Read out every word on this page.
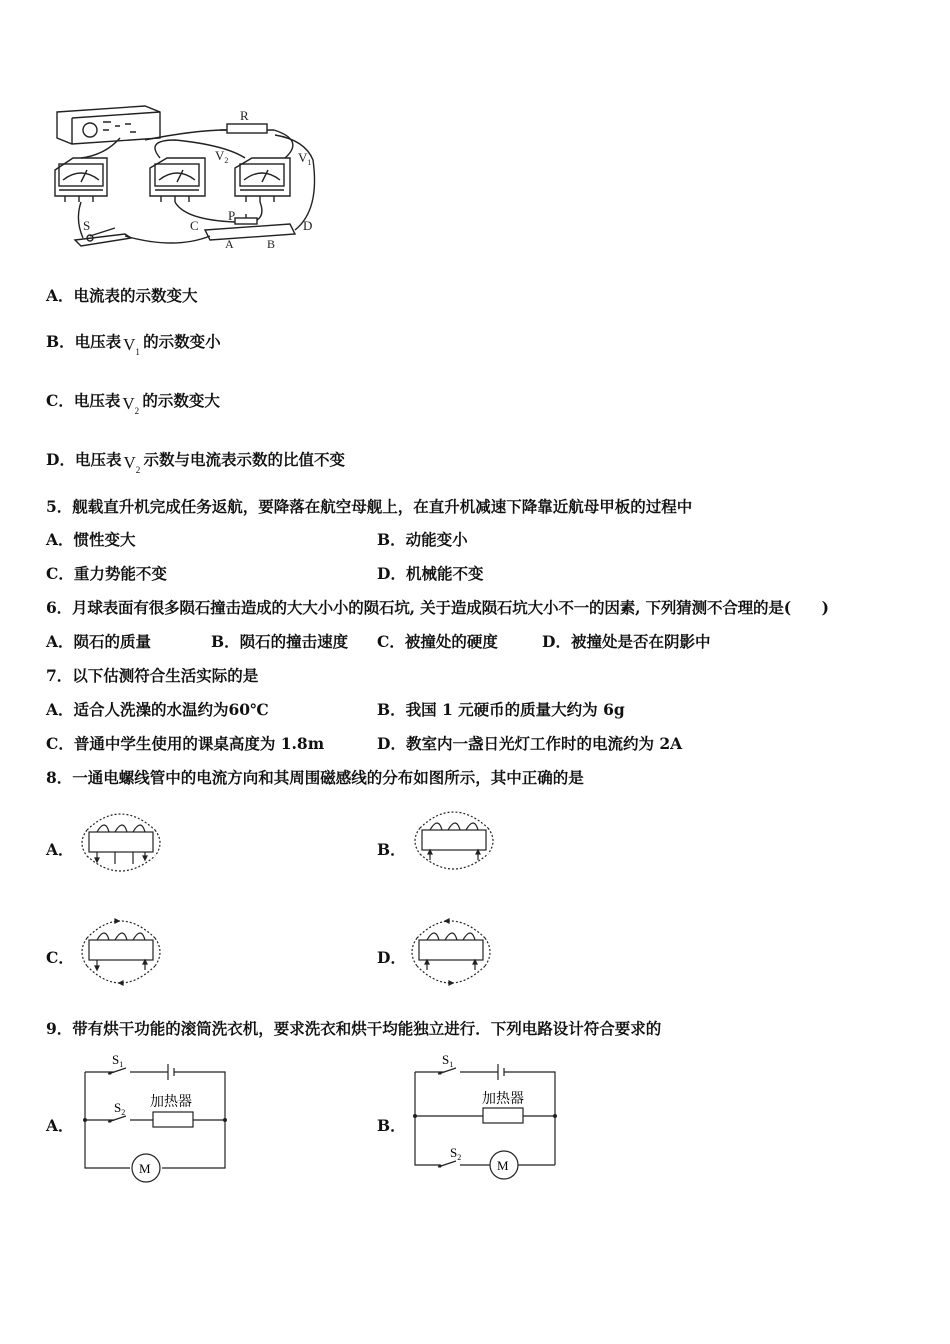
R
$V_2$	$V_1$
S	C
P
D
A	B
A．电流表的示数变大
B．电压表 $V_1$
的示数变小
C．电压表 $V_2$
的示数变大
D．电压表 $V_2$
示数与电流表示数的比值不变
5．舰载直升机完成任务返航，要降落在航空母舰上，在直升机减速下降靠近航母甲板的过程中
A．惯性变大	B．动能变小
C．重力势能不变	D．机械能不变
6．月球表面有很多陨石撞击造成的大大小小的陨石坑, 关于造成陨石坑大小不一的因素, 下列猜测不合理的是(　　)
A．陨石的质量	B．陨石的撞击速度 C．被撞处的硬度	D．被撞处是否在阴影中
7．以下估测符合生活实际的是
A．适合人洗澡的水温约为60℃	B．我国 1 元硬币的质量大约为 6g
C．普通中学生使用的课桌高度为 1.8m	D．教室内一盏日光灯工作时的电流约为 2A
8．一通电螺线管中的电流方向和其周围磁感线的分布如图所示，其中正确的是
A．	B．
C．	D．
9．带有烘干功能的滚筒洗衣机，要求洗衣和烘干均能独立进行．下列电路设计符合要求的
A．
$S_1$
$S_2$
加热器
M
B．
$S_1$
$S_2$
加热器
M
